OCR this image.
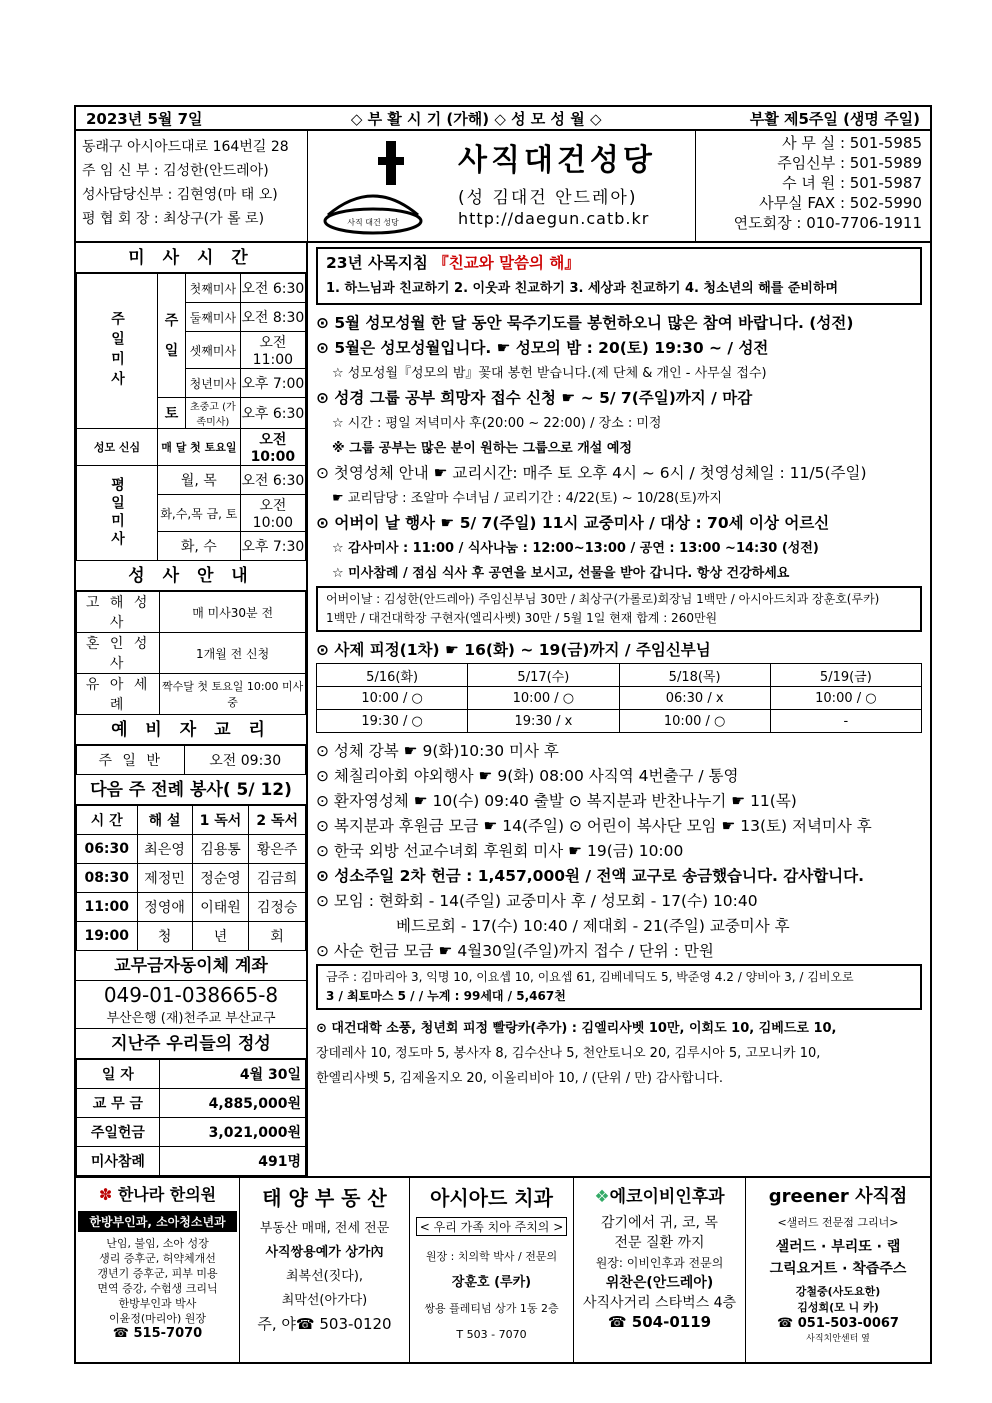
2023년 5월 7일	◇ 부 활 시 기 (가해) ◇ 성 모 성 월 ◇	부활 제5주일 (생명 주일)
동래구 아시아드대로 164번길 28
주 임 신 부 : 김성한(안드레아)
성사담당신부 : 김현영(마 태 오)
평 협 회 장 : 최상구(가 롤 로)	사직 대건 성당
사직대건성당
(성 김대건 안드레아)
http://daegun.catb.kr
사 무 실 : 501-5985
주임신부 : 501-5989
수 녀 원 : 501-5987
사무실 FAX : 502-5990
연도회장 : 010-7706-1911
미 사 시 간
주일미사	주
일	첫째미사	오전 6:30
		둘째미사	오전 8:30
		셋째미사	오전 11:00
		청년미사	오후 7:00
	토	초중고 (가족미사)	오후 6:30
성모 신심	매 달 첫 토요일		오전 10:00
평일미사	월, 목		오전 6:30
	화,수,목 금, 토		오전 10:00
	화, 수		오후 7:30
성 사 안 내
고 해 성 사	매 미사30분 전
혼 인 성 사	1개월 전 신청
유 아 세 례	짝수달 첫 토요일 10:00 미사 중
예 비 자 교 리
주 일 반	오전 09:30
다음 주 전례 봉사( 5/ 12)
시 간	해 설	1 독서	2 독서
06:30	최은영	김용통	황은주
08:30	제정민	정순영	김금희
11:00	정영애	이태원	김정승
19:00	청	년	회
교무금자동이체 계좌
049-01-038665-8
부산은행 (재)천주교 부산교구
지난주 우리들의 정성
일 자	4월 30일
교 무 금	4,885,000원
주일헌금	3,021,000원
미사참례	491명
23년 사목지침 『친교와 말씀의 해』
1. 하느님과 친교하기 2. 이웃과 친교하기 3. 세상과 친교하기 4. 청소년의 해를 준비하며
⊙ 5월 성모성월 한 달 동안 묵주기도를 봉헌하오니 많은 참여 바랍니다. (성전)
⊙ 5월은 성모성월입니다. ☛ 성모의 밤 : 20(토) 19:30 ~ / 성전
☆ 성모성월『성모의 밤』꽃대 봉헌 받습니다.(제 단체 & 개인 - 사무실 접수)
⊙ 성경 그룹 공부 희망자 접수 신청 ☛ ~ 5/ 7(주일)까지 / 마감
☆ 시간 : 평일 저녁미사 후(20:00 ~ 22:00) / 장소 : 미정
※ 그룹 공부는 많은 분이 원하는 그룹으로 개설 예정
⊙ 첫영성체 안내 ☛ 교리시간: 매주 토 오후 4시 ~ 6시 / 첫영성체일 : 11/5(주일)
☛ 교리담당 : 조알마 수녀님 / 교리기간 : 4/22(토) ~ 10/28(토)까지
⊙ 어버이 날 행사 ☛ 5/ 7(주일) 11시 교중미사 / 대상 : 70세 이상 어르신
☆ 감사미사 : 11:00 / 식사나눔 : 12:00~13:00 / 공연 : 13:00 ~14:30 (성전)
☆ 미사참례 / 점심 식사 후 공연을 보시고, 선물을 받아 갑니다. 항상 건강하세요
어버이날 : 김성한(안드레아) 주임신부님 30만 / 최상구(가롤로)회장님 1백만 / 아시아드치과 장훈호(루카)
1백만 / 대건대학장 구현자(엘리사벳) 30만 / 5월 1일 현재 합계 : 260만원
⊙ 사제 피정(1차) ☛ 16(화) ~ 19(금)까지 / 주임신부님
5/16(화)	5/17(수)	5/18(목)	5/19(금)
10:00 / ○	10:00 / ○	06:30 / x	10:00 / ○
19:30 / ○	19:30 / x	10:00 / ○	-
⊙ 성체 강복 ☛ 9(화)10:30 미사 후
⊙ 체칠리아회 야외행사 ☛ 9(화) 08:00 사직역 4번출구 / 통영
⊙ 환자영성체 ☛ 10(수) 09:40 출발 ⊙ 복지분과 반찬나누기 ☛ 11(목)
⊙ 복지분과 후원금 모금 ☛ 14(주일) ⊙ 어린이 복사단 모임 ☛ 13(토) 저녁미사 후
⊙ 한국 외방 선교수녀회 후원회 미사 ☛ 19(금) 10:00
⊙ 성소주일 2차 헌금 : 1,457,000원 / 전액 교구로 송금했습니다. 감사합니다.
⊙ 모임 : 현화회 - 14(주일) 교중미사 후 / 성모회 - 17(수) 10:40
베드로회 - 17(수) 10:40 / 제대회 - 21(주일) 교중미사 후
⊙ 사순 헌금 모금 ☛ 4월30일(주일)까지 접수 / 단위 : 만원
금주 : 김마리아 3, 익명 10, 이요셉 10, 이요셉 61, 김베네딕도 5, 박준영 4.2 / 양비아 3, / 김비오로
3 / 최토마스 5 / / 누계 : 99세대 / 5,467천
⊙ 대건대학 소풍, 청년회 피정 빨랑카(추가) : 김엘리사벳 10만, 이회도 10, 김베드로 10,
장데레사 10, 정도마 5, 봉사자 8, 김수산나 5, 천안토니오 20, 김루시아 5, 고모니카 10,
한엘리사벳 5, 김제올지오 20, 이올리비아 10, / (단위 / 만) 감사합니다.
✽ 한나라 한의원
한방부인과, 소아청소년과
난임, 불임, 소아 성장
생리 증후군, 허약체개선
갱년기 증후군, 피부 미용
면역 증강, 수험생 크리닉
한방부인과 박사
이윤정(마리아) 원장
☎ 515-7070
태 양 부 동 산
부동산 매매, 전세 전문
사직쌍용예가 상가內
최복선(짓다),
최막선(아가다)
주, 야☎ 503-0120
아시아드 치과
< 우리 가족 치아 주치의 >
원장 : 치의학 박사 / 전문의
장훈호 (루카)
쌍용 플레티넘 상가 1동 2층
T 503 - 7070
❖에코이비인후과
감기에서 귀, 코, 목
전문 질환 까지
원장: 이비인후과 전문의
위찬은(안드레아)
사직사거리 스타벅스 4층
☎ 504-0119
greener 사직점
<샐러드 전문점 그리너>
샐러드 · 부리또 · 랩
그릭요거트 · 착즙주스
강철중(사도요한)
김성희(모 니 카)
☎ 051-503-0067
사직치안센터 옆
